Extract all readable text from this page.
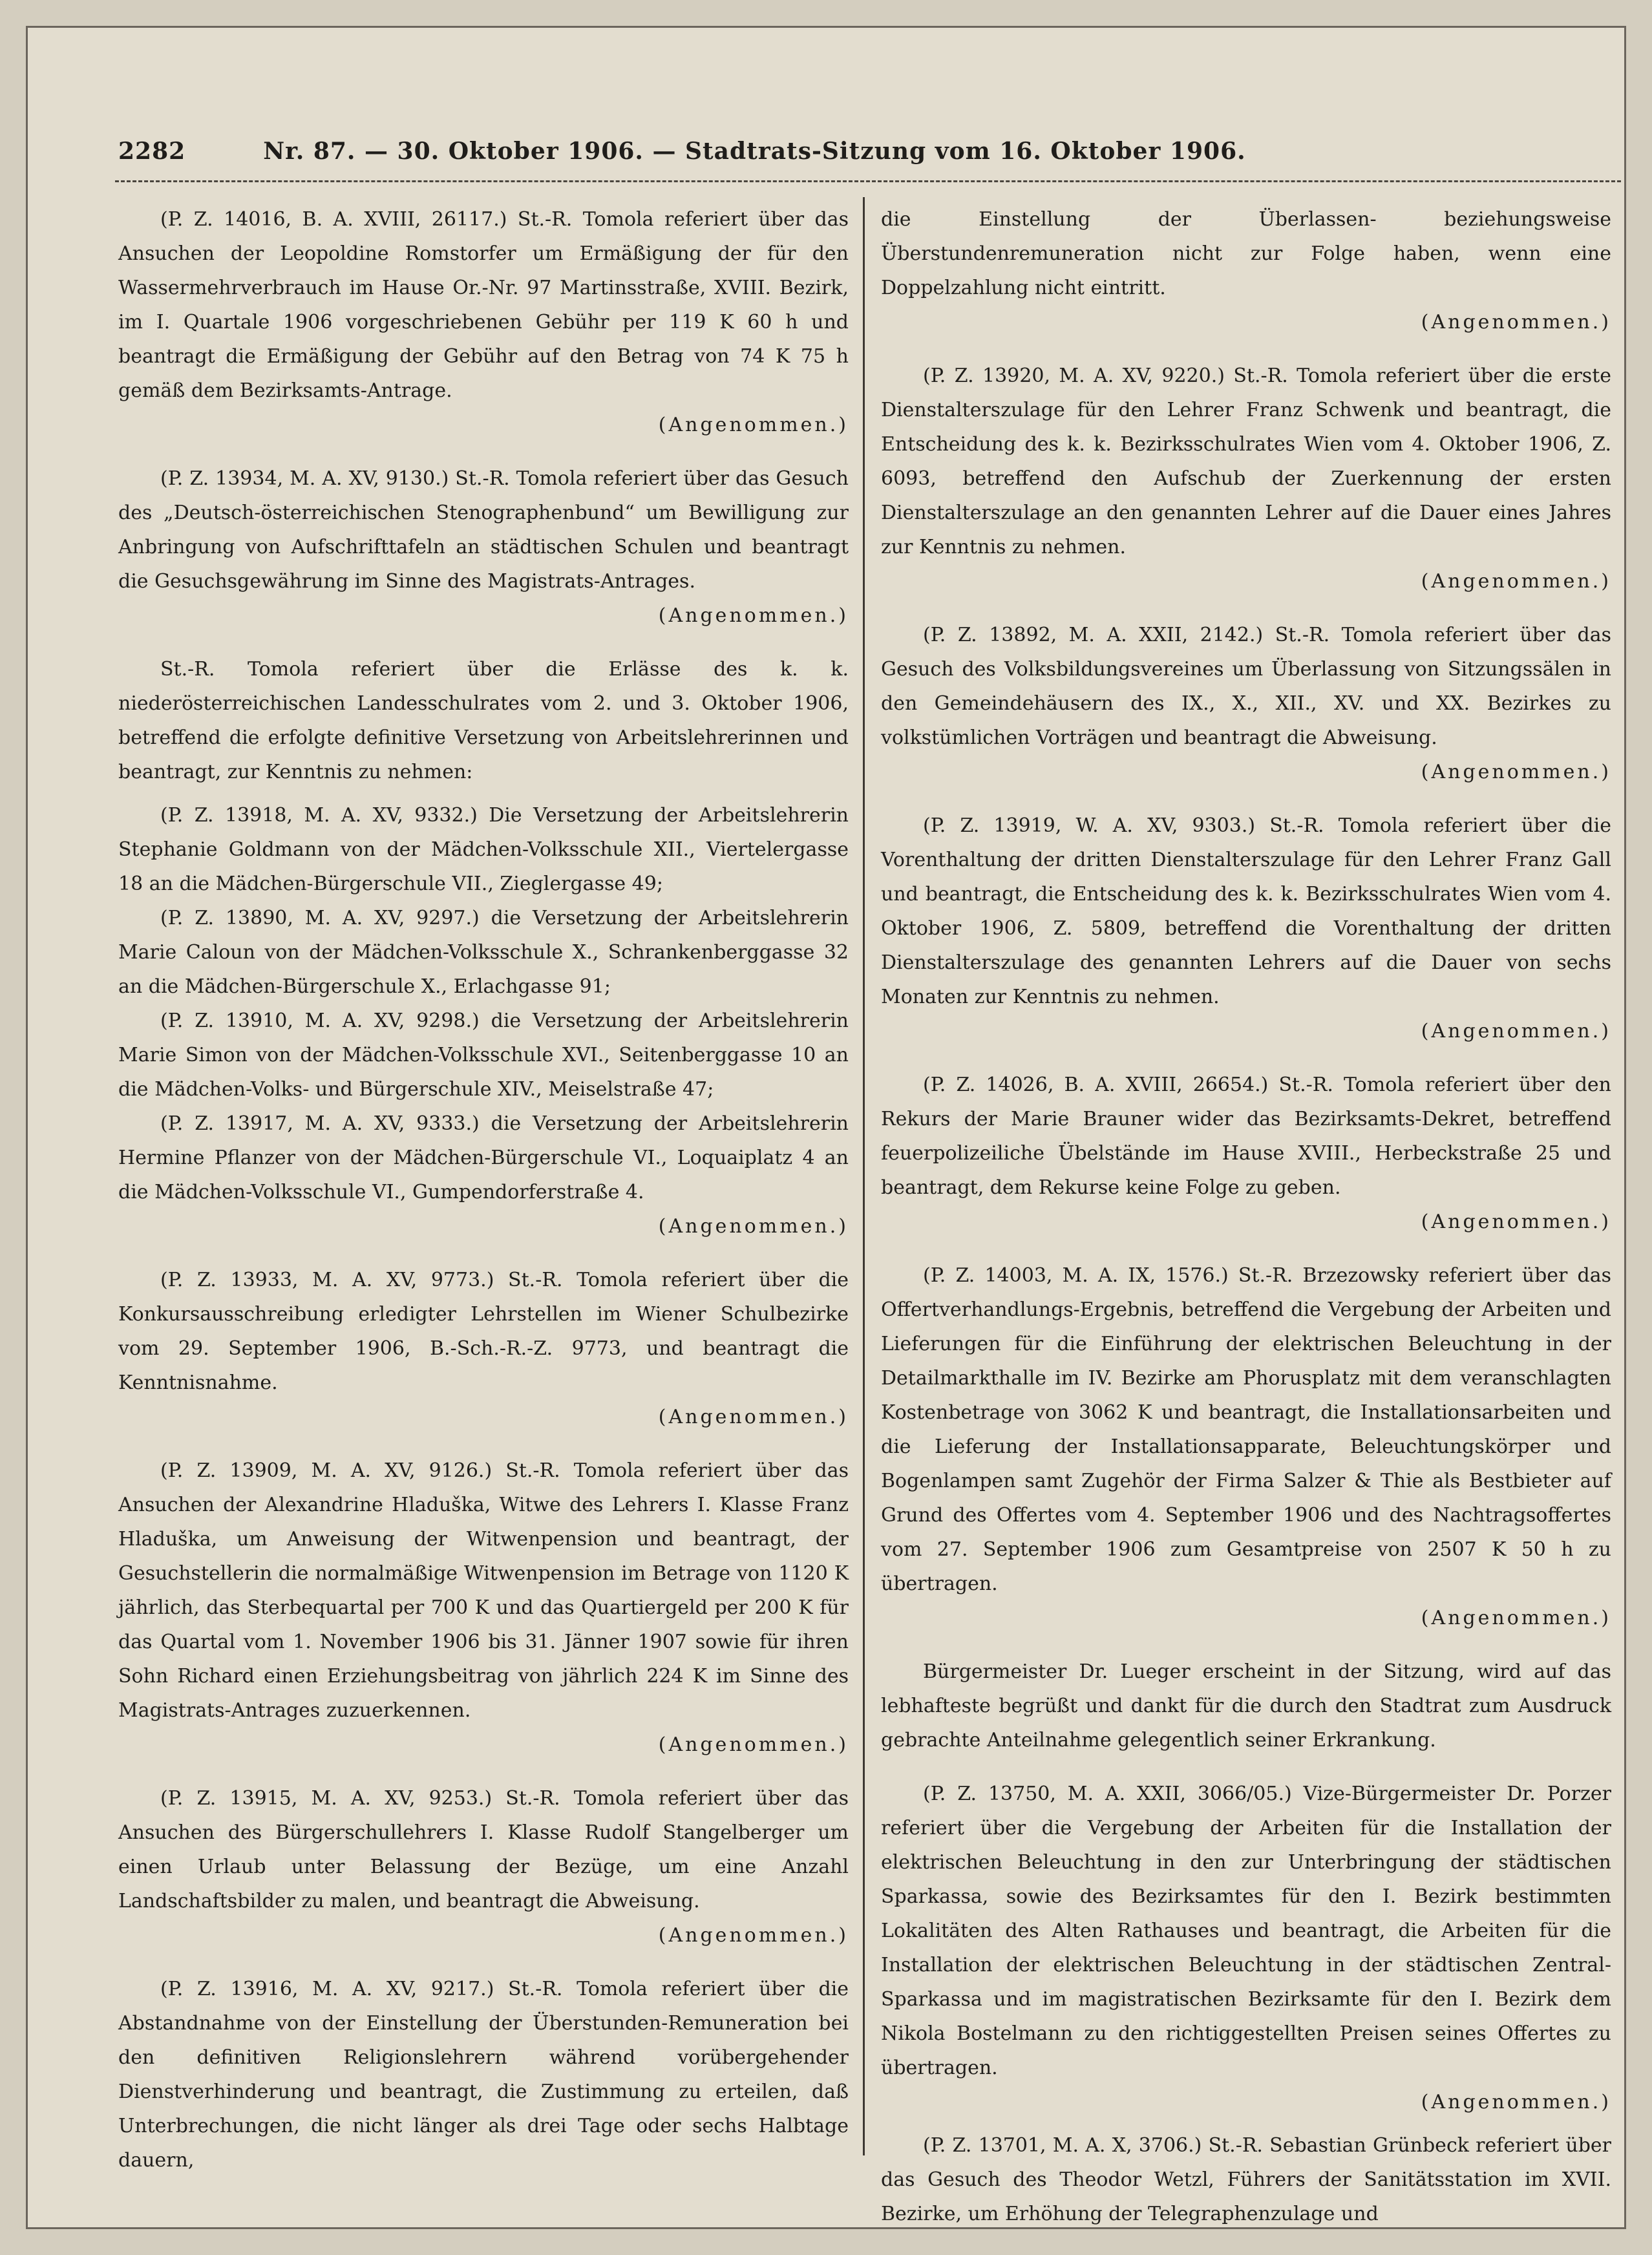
2282	Nr. 87. — 30. Oktober 1906. — Stadtrats-Sitzung vom 16. Oktober 1906.

(P. Z. 14016, B. A. XVIII, 26117.) St.-R. Tomola referiert über das Ansuchen der Leopoldine Romstorfer um Ermäßigung der für den Wassermehrverbrauch im Hause Or.-Nr. 97 Martinsstraße, XVIII. Bezirk, im I. Quartale 1906 vorgeschriebenen Gebühr per 119 K 60 h und beantragt die Ermäßigung der Gebühr auf den Betrag von 74 K 75 h gemäß dem Bezirksamts-Antrage.

(Angenommen.)

(P. Z. 13934, M. A. XV, 9130.) St.-R. Tomola referiert über das Gesuch des „Deutsch-österreichischen Stenographenbund“ um Bewilligung zur Anbringung von Aufschrifttafeln an städtischen Schulen und beantragt die Gesuchsgewährung im Sinne des Magistrats-Antrages.

(Angenommen.)

St.-R. Tomola referiert über die Erlässe des k. k. niederösterreichischen Landesschulrates vom 2. und 3. Oktober 1906, betreffend die erfolgte definitive Versetzung von Arbeitslehrerinnen und beantragt, zur Kenntnis zu nehmen:

(P. Z. 13918, M. A. XV, 9332.) Die Versetzung der Arbeitslehrerin Stephanie Goldmann von der Mädchen-Volksschule XII., Viertelergasse 18 an die Mädchen-Bürgerschule VII., Zieglergasse 49;

(P. Z. 13890, M. A. XV, 9297.) die Versetzung der Arbeitslehrerin Marie Caloun von der Mädchen-Volksschule X., Schrankenberggasse 32 an die Mädchen-Bürgerschule X., Erlachgasse 91;

(P. Z. 13910, M. A. XV, 9298.) die Versetzung der Arbeitslehrerin Marie Simon von der Mädchen-Volksschule XVI., Seitenberggasse 10 an die Mädchen-Volks- und Bürgerschule XIV., Meiselstraße 47;

(P. Z. 13917, M. A. XV, 9333.) die Versetzung der Arbeitslehrerin Hermine Pflanzer von der Mädchen-Bürgerschule VI., Loquaiplatz 4 an die Mädchen-Volksschule VI., Gumpendorferstraße 4.

(Angenommen.)

(P. Z. 13933, M. A. XV, 9773.) St.-R. Tomola referiert über die Konkursausschreibung erledigter Lehrstellen im Wiener Schulbezirke vom 29. September 1906, B.-Sch.-R.-Z. 9773, und beantragt die Kenntnisnahme.

(Angenommen.)

(P. Z. 13909, M. A. XV, 9126.) St.-R. Tomola referiert über das Ansuchen der Alexandrine Hladuška, Witwe des Lehrers I. Klasse Franz Hladuška, um Anweisung der Witwenpension und beantragt, der Gesuchstellerin die normalmäßige Witwenpension im Betrage von 1120 K jährlich, das Sterbequartal per 700 K und das Quartiergeld per 200 K für das Quartal vom 1. November 1906 bis 31. Jänner 1907 sowie für ihren Sohn Richard einen Erziehungsbeitrag von jährlich 224 K im Sinne des Magistrats-Antrages zuzuerkennen.

(Angenommen.)

(P. Z. 13915, M. A. XV, 9253.) St.-R. Tomola referiert über das Ansuchen des Bürgerschullehrers I. Klasse Rudolf Stangelberger um einen Urlaub unter Belassung der Bezüge, um eine Anzahl Landschaftsbilder zu malen, und beantragt die Abweisung.

(Angenommen.)

(P. Z. 13916, M. A. XV, 9217.) St.-R. Tomola referiert über die Abstandnahme von der Einstellung der Überstunden-Remuneration bei den definitiven Religionslehrern während vorübergehender Dienstverhinderung und beantragt, die Zustimmung zu erteilen, daß Unterbrechungen, die nicht länger als drei Tage oder sechs Halbtage dauern,

die Einstellung der Überlassen- beziehungsweise Überstundenremuneration nicht zur Folge haben, wenn eine Doppelzahlung nicht eintritt.

(Angenommen.)

(P. Z. 13920, M. A. XV, 9220.) St.-R. Tomola referiert über die erste Dienstalterszulage für den Lehrer Franz Schwenk und beantragt, die Entscheidung des k. k. Bezirksschulrates Wien vom 4. Oktober 1906, Z. 6093, betreffend den Aufschub der Zuerkennung der ersten Dienstalterszulage an den genannten Lehrer auf die Dauer eines Jahres zur Kenntnis zu nehmen.

(Angenommen.)

(P. Z. 13892, M. A. XXII, 2142.) St.-R. Tomola referiert über das Gesuch des Volksbildungsvereines um Überlassung von Sitzungssälen in den Gemeindehäusern des IX., X., XII., XV. und XX. Bezirkes zu volkstümlichen Vorträgen und beantragt die Abweisung.

(Angenommen.)

(P. Z. 13919, W. A. XV, 9303.) St.-R. Tomola referiert über die Vorenthaltung der dritten Dienstalterszulage für den Lehrer Franz Gall und beantragt, die Entscheidung des k. k. Bezirksschulrates Wien vom 4. Oktober 1906, Z. 5809, betreffend die Vorenthaltung der dritten Dienstalterszulage des genannten Lehrers auf die Dauer von sechs Monaten zur Kenntnis zu nehmen.

(Angenommen.)

(P. Z. 14026, B. A. XVIII, 26654.) St.-R. Tomola referiert über den Rekurs der Marie Brauner wider das Bezirksamts-Dekret, betreffend feuerpolizeiliche Übelstände im Hause XVIII., Herbeckstraße 25 und beantragt, dem Rekurse keine Folge zu geben.

(Angenommen.)

(P. Z. 14003, M. A. IX, 1576.) St.-R. Brzezowsky referiert über das Offertverhandlungs-Ergebnis, betreffend die Vergebung der Arbeiten und Lieferungen für die Einführung der elektrischen Beleuchtung in der Detailmarkthalle im IV. Bezirke am Phorusplatz mit dem veranschlagten Kostenbetrage von 3062 K und beantragt, die Installationsarbeiten und die Lieferung der Installationsapparate, Beleuchtungskörper und Bogenlampen samt Zugehör der Firma Salzer & Thie als Bestbieter auf Grund des Offertes vom 4. September 1906 und des Nachtragsoffertes vom 27. September 1906 zum Gesamtpreise von 2507 K 50 h zu übertragen.

(Angenommen.)

Bürgermeister Dr. Lueger erscheint in der Sitzung, wird auf das lebhafteste begrüßt und dankt für die durch den Stadtrat zum Ausdruck gebrachte Anteilnahme gelegentlich seiner Erkrankung.

(P. Z. 13750, M. A. XXII, 3066/05.) Vize-Bürgermeister Dr. Porzer referiert über die Vergebung der Arbeiten für die Installation der elektrischen Beleuchtung in den zur Unterbringung der städtischen Sparkassa, sowie des Bezirksamtes für den I. Bezirk bestimmten Lokalitäten des Alten Rathauses und beantragt, die Arbeiten für die Installation der elektrischen Beleuchtung in der städtischen Zentral-Sparkassa und im magistratischen Bezirksamte für den I. Bezirk dem Nikola Bostelmann zu den richtiggestellten Preisen seines Offertes zu übertragen.

(Angenommen.)

(P. Z. 13701, M. A. X, 3706.) St.-R. Sebastian Grünbeck referiert über das Gesuch des Theodor Wetzl, Führers der Sanitätsstation im XVII. Bezirke, um Erhöhung der Telegraphenzulage und
